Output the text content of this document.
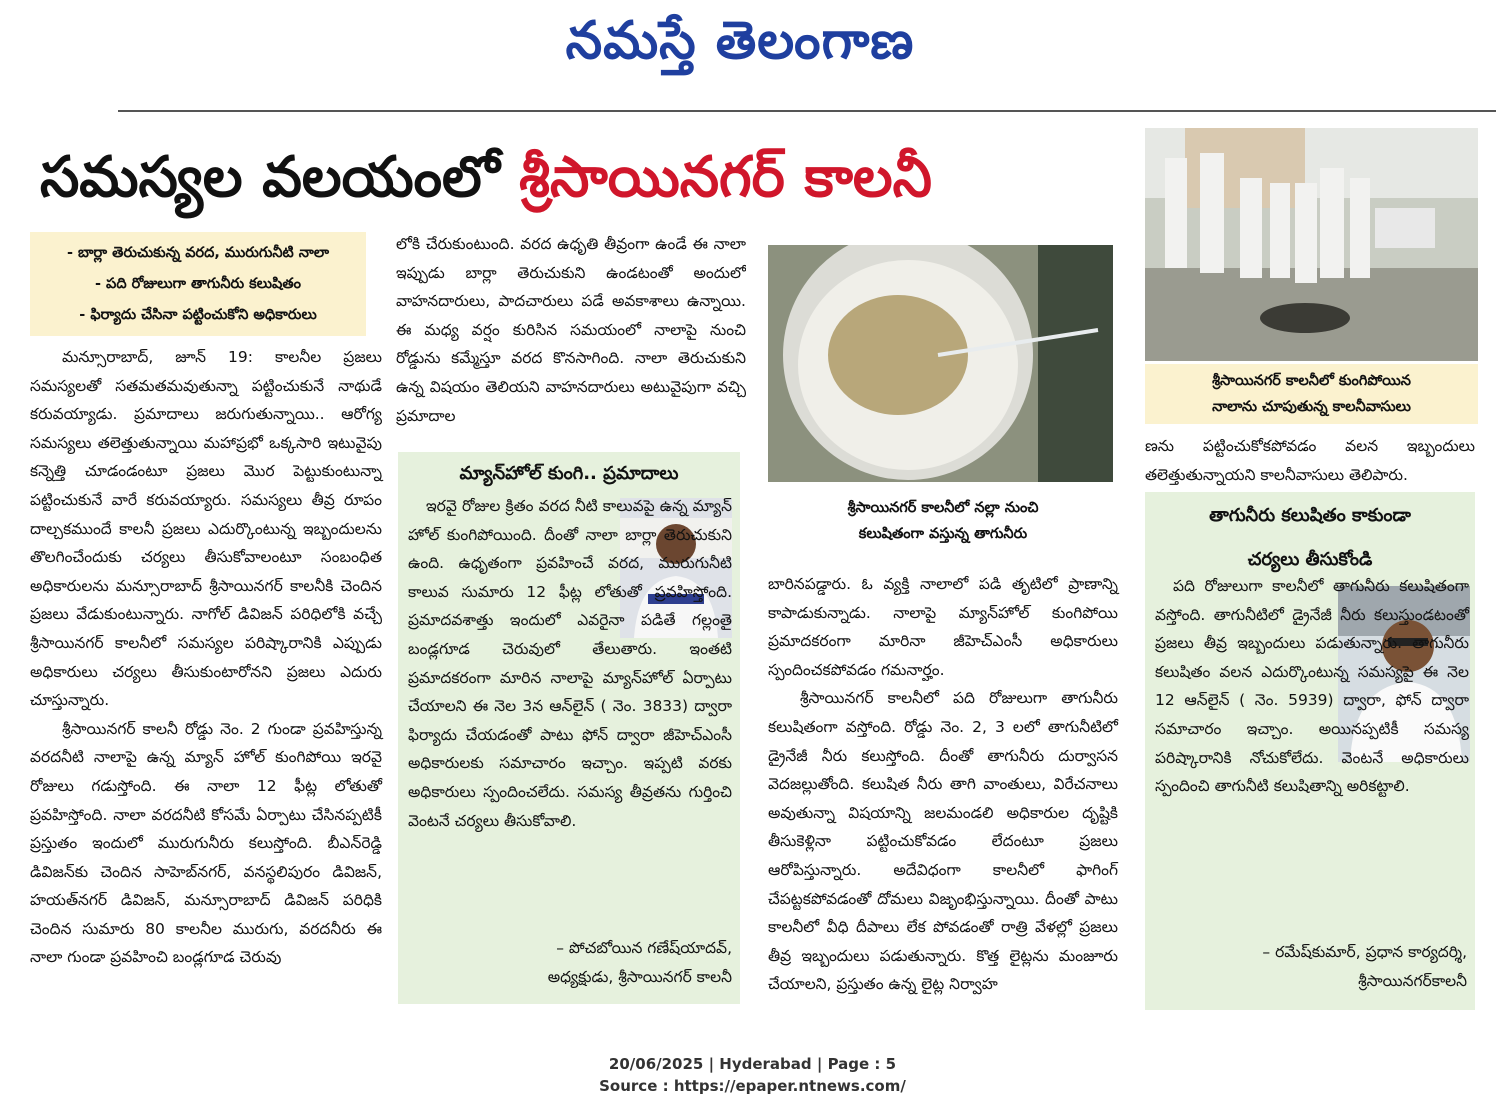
నమస్తే తెలంగాణ
సమస్యల వలయంలో శ్రీసాయినగర్ కాలనీ
- బార్లా తెరుచుకున్న వరద, మురుగునీటి నాలా
- పది రోజులుగా తాగునీరు కలుషితం
- ఫిర్యాదు చేసినా పట్టించుకోని అధికారులు

మన్సూరాబాద్‌, జూన్‌ 19: కాలనీల ప్రజలు సమస్యలతో సతమతమవుతున్నా పట్టించుకునే నాథుడే కరువయ్యాడు. ప్రమాదాలు జరుగుతున్నాయి.. ఆరోగ్య సమస్యలు తలెత్తుతున్నాయి మహాప్రభో ఒక్కసారి ఇటువైపు కన్నెత్తి చూడండంటూ ప్రజలు మొర పెట్టుకుంటున్నా పట్టించుకునే వారే కరువయ్యారు. సమస్యలు తీవ్ర రూపం దాల్చకముందే కాలనీ ప్రజలు ఎదుర్కొంటున్న ఇబ్బందులను తొలగించేందుకు చర్యలు తీసుకోవాలంటూ సంబంధిత అధికారులను మన్సూరాబాద్‌ శ్రీసాయినగర్‌ కాలనీకి చెందిన ప్రజలు వేడుకుంటున్నారు. నాగోల్‌ డివిజన్‌ పరిధిలోకి వచ్చే శ్రీసాయినగర్‌ కాలనీలో సమస్యల పరిష్కారానికి ఎప్పుడు అధికారులు చర్యలు తీసుకుంటారోనని ప్రజలు ఎదురు చూస్తున్నారు.

శ్రీసాయినగర్‌ కాలనీ రోడ్డు నెం. 2 గుండా ప్రవహిస్తున్న వరదనీటి నాలాపై ఉన్న మ్యాన్‌ హోల్‌ కుంగిపోయి ఇరవై రోజులు గడుస్తోంది. ఈ నాలా 12 ఫీట్ల లోతుతో ప్రవహిస్తోంది. నాలా వరదనీటి కోసమే ఏర్పాటు చేసినప్పటికీ ప్రస్తుతం ఇందులో మురుగునీరు కలుస్తోంది. బీఎన్‌రెడ్డి డివిజన్‌కు చెందిన సాహెబ్‌నగర్‌, వనస్థలిపురం డివిజన్‌, హయత్‌నగర్‌ డివిజన్‌, మన్సూరాబాద్‌ డివిజన్‌ పరిధికి చెందిన సుమారు 80 కాలనీల మురుగు, వరదనీరు ఈ నాలా గుండా ప్రవహించి బండ్లగూడ చెరువు

లోకి చేరుకుంటుంది. వరద ఉధృతి తీవ్రంగా ఉండే ఈ నాలా ఇప్పుడు బార్లా తెరుచుకుని ఉండటంతో అందులో వాహనదారులు, పాదచారులు పడే అవకాశాలు ఉన్నాయి. ఈ మధ్య వర్షం కురిసిన సమయంలో నాలాపై నుంచి రోడ్డును కమ్మేస్తూ వరద కొనసాగింది. నాలా తెరుచుకుని ఉన్న విషయం తెలియని వాహనదారులు అటువైపుగా వచ్చి ప్రమాదాల

మ్యాన్‌హోల్‌ కుంగి.. ప్రమాదాలు

ఇరవై రోజుల క్రితం వరద నీటి కాలువపై ఉన్న మ్యాన్‌ హోల్‌ కుంగిపోయింది. దీంతో నాలా బార్లా తెరుచుకుని ఉంది. ఉధృతంగా ప్రవహించే వరద, మురుగునీటి కాలువ సుమారు 12 ఫీట్ల లోతుతో ప్రవహిస్తోంది. ప్రమాదవశాత్తు ఇందులో ఎవరైనా పడితే గల్లంతై బండ్లగూడ చెరువులో తేలుతారు. ఇంతటి ప్రమాదకరంగా మారిన నాలాపై మ్యాన్‌హోల్‌ ఏర్పాటు చేయాలని ఈ నెల 3న ఆన్‌లైన్‌ ( నెం. 3833) ద్వారా ఫిర్యాదు చేయడంతో పాటు ఫోన్‌ ద్వారా జీహెచ్‌ఎంసీ అధికారులకు సమాచారం ఇచ్చాం. ఇప్పటి వరకు అధికారులు స్పందించలేదు. సమస్య తీవ్రతను గుర్తించి వెంటనే చర్యలు తీసుకోవాలి.

– పోచబోయిన గణేష్‌యాదవ్‌,
అధ్యక్షుడు, శ్రీసాయినగర్‌ కాలనీ
శ్రీసాయినగర్‌ కాలనీలో నల్లా నుంచి
కలుషితంగా వస్తున్న తాగునీరు

బారినపడ్డారు. ఓ వ్యక్తి నాలాలో పడి తృటిలో ప్రాణాన్ని కాపాడుకున్నాడు. నాలాపై మ్యాన్‌హోల్‌ కుంగిపోయి ప్రమాదకరంగా మారినా జీహెచ్‌ఎంసీ అధికారులు స్పందించకపోవడం గమనార్హం.

శ్రీసాయినగర్‌ కాలనీలో పది రోజులుగా తాగునీరు కలుషితంగా వస్తోంది. రోడ్డు నెం. 2, 3 లలో తాగునీటిలో డ్రైనేజీ నీరు కలుస్తోంది. దీంతో తాగునీరు దుర్వాసన వెదజల్లుతోంది. కలుషిత నీరు తాగి వాంతులు, విరేచనాలు అవుతున్నా విషయాన్ని జలమండలి అధికారుల దృష్టికి తీసుకెళ్లినా పట్టించుకోవడం లేదంటూ ప్రజలు ఆరోపిస్తున్నారు. అదేవిధంగా కాలనీలో ఫాగింగ్‌ చేపట్టకపోవడంతో దోమలు విజృంభిస్తున్నాయి. దీంతో పాటు కాలనీలో వీధి దీపాలు లేక పోవడంతో రాత్రి వేళల్లో ప్రజలు తీవ్ర ఇబ్బందులు పడుతున్నారు. కొత్త లైట్లను మంజూరు చేయాలని, ప్రస్తుతం ఉన్న లైట్ల నిర్వాహ

శ్రీసాయినగర్‌ కాలనీలో కుంగిపోయిన
నాలాను చూపుతున్న కాలనీవాసులు

ణను పట్టించుకోకపోవడం వలన ఇబ్బందులు తలెత్తుతున్నాయని కాలనీవాసులు తెలిపారు.

తాగునీరు కలుషితం కాకుండా
చర్యలు తీసుకోండి

పది రోజులుగా కాలనీలో తాగునీరు కలుషితంగా వస్తోంది. తాగునీటిలో డ్రైనేజీ నీరు కలుస్తుండటంతో ప్రజలు తీవ్ర ఇబ్బందులు పడుతున్నారు. తాగునీరు కలుషితం వలన ఎదుర్కొంటున్న సమస్యపై ఈ నెల 12 ఆన్‌లైన్‌ ( నెం. 5939) ద్వారా, ఫోన్‌ ద్వారా సమాచారం ఇచ్చాం. అయినప్పటికీ సమస్య పరిష్కారానికి నోచుకోలేదు. వెంటనే అధికారులు స్పందించి తాగునీటి కలుషితాన్ని అరికట్టాలి.

– రమేష్‌కుమార్‌, ప్రధాన కార్యదర్శి,
శ్రీసాయినగర్‌కాలనీ
20/06/2025 | Hyderabad | Page : 5
Source : https://epaper.ntnews.com/
